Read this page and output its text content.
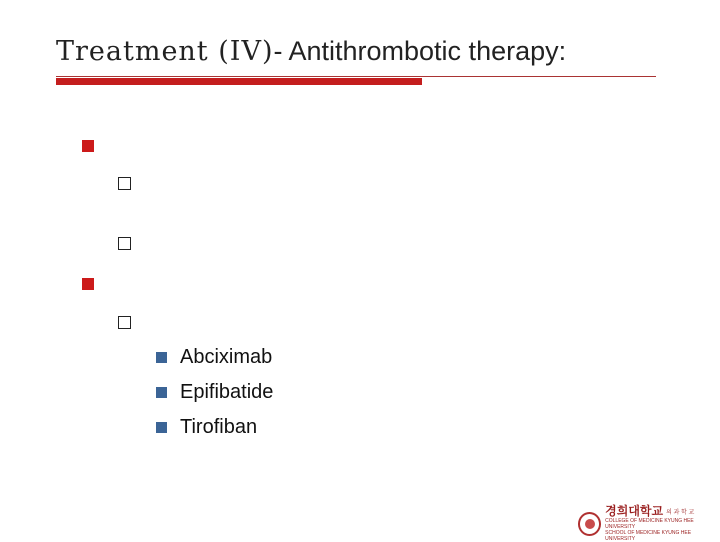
Treatment (IV)- Antithrombotic therapy:
Abciximab
Epifibatide
Tirofiban
경희대학교 의 과 학 교
COLLEGE OF MEDICINE KYUNG HEE UNIVERSITY
SCHOOL OF MEDICINE KYUNG HEE UNIVERSITY
